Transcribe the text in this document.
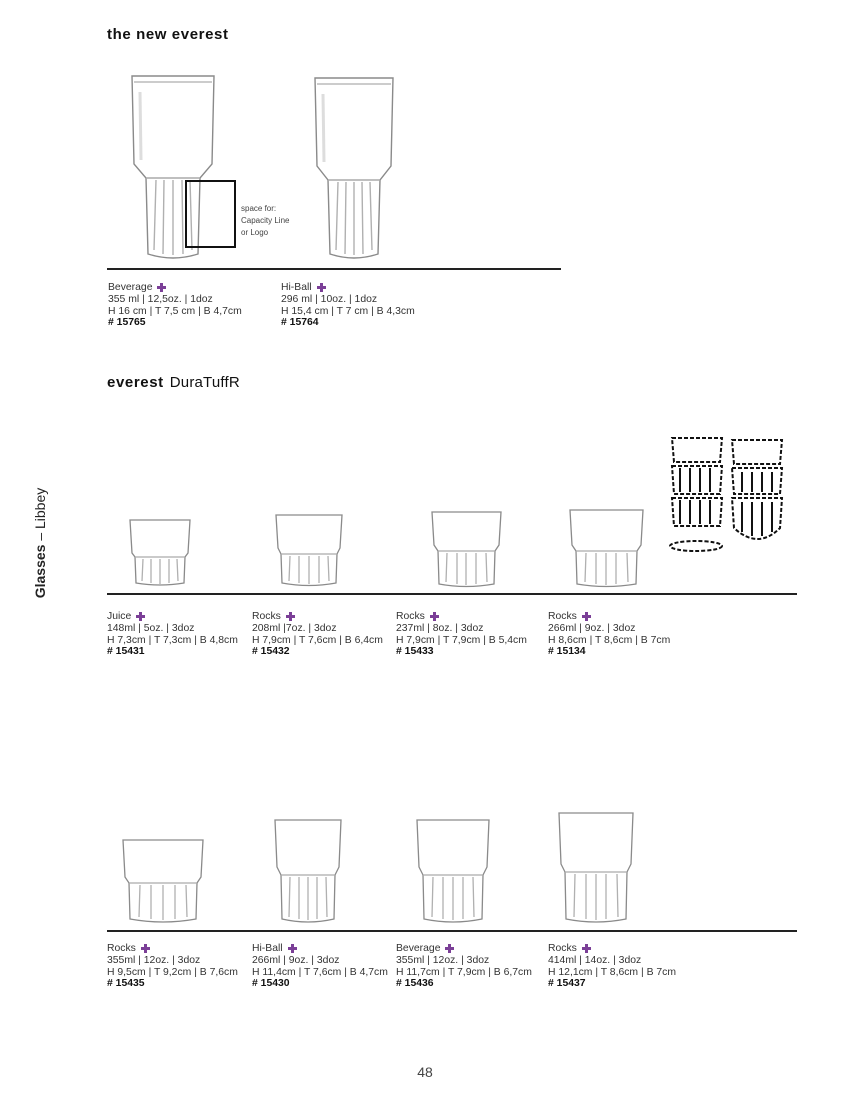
the new everest
everest DuraTuffR
Glasses – Libbey
space for:
Capacity Line
or Logo
Beverage
355 ml | 12,5oz. | 1doz
H 16 cm | T 7,5 cm | B 4,7cm
# 15765
Hi-Ball
296 ml | 10oz. | 1doz
H 15,4 cm | T 7 cm | B 4,3cm
# 15764
Juice
148ml | 5oz. | 3doz
H 7,3cm | T 7,3cm | B 4,8cm
# 15431
Rocks
208ml |7oz. | 3doz
H 7,9cm | T 7,6cm | B 6,4cm
# 15432
Rocks
237ml | 8oz. | 3doz
H 7,9cm | T 7,9cm | B 5,4cm
# 15433
Rocks
266ml | 9oz. | 3doz
H 8,6cm | T 8,6cm | B 7cm
# 15134
Rocks
355ml | 12oz. | 3doz
H 9,5cm | T 9,2cm | B 7,6cm
# 15435
Hi-Ball
266ml | 9oz. | 3doz
H 11,4cm | T 7,6cm | B 4,7cm
# 15430
Beverage
355ml | 12oz. | 3doz
H 11,7cm | T 7,9cm | B 6,7cm
# 15436
Rocks
414ml | 14oz. | 3doz
H 12,1cm | T 8,6cm | B 7cm
# 15437
48
